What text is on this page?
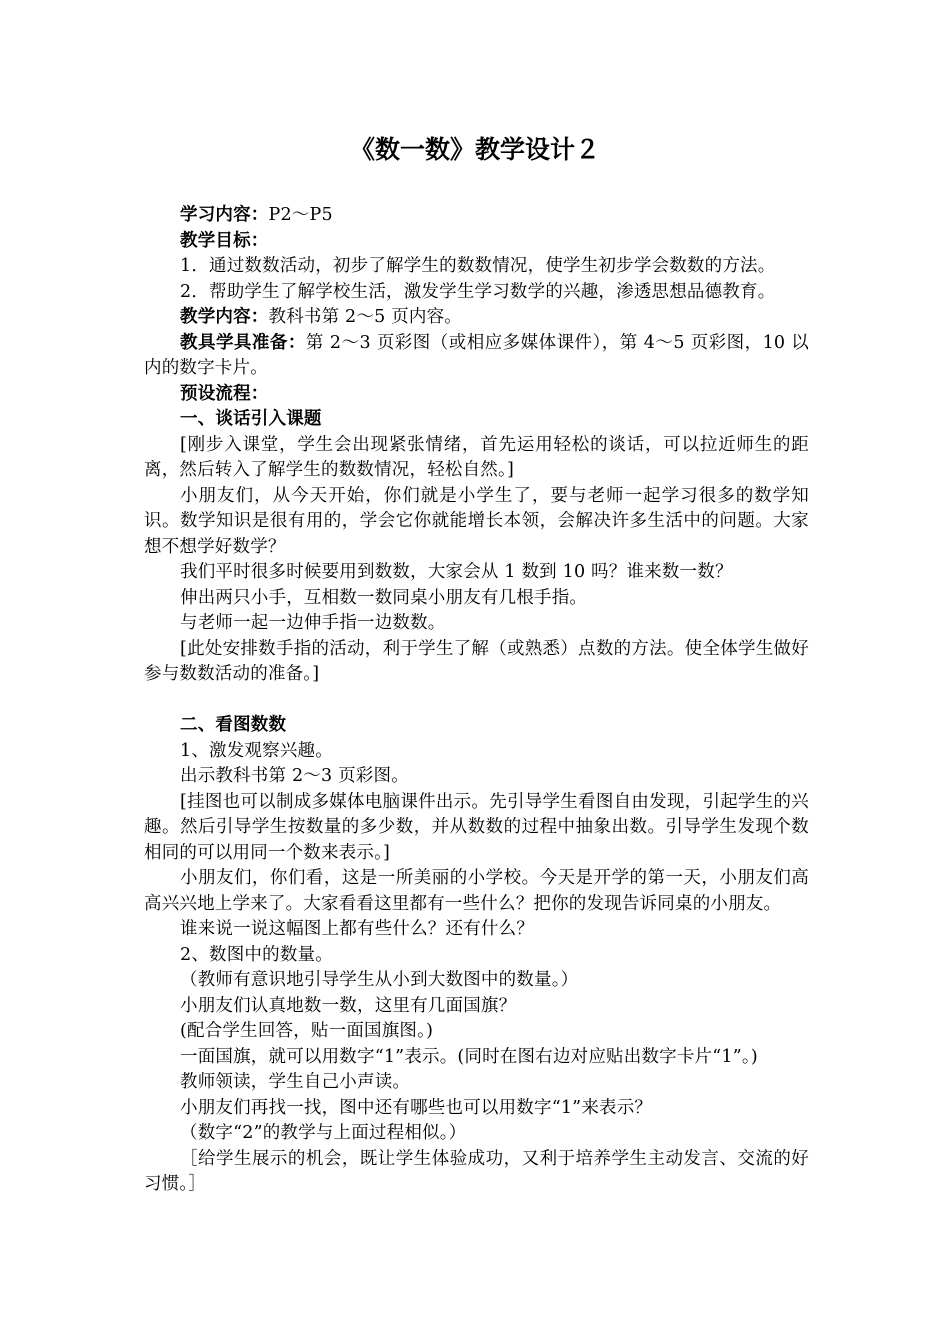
《数一数》教学设计２

学习内容：P2～P5

教学目标：

1．通过数数活动，初步了解学生的数数情况，使学生初步学会数数的方法。

2．帮助学生了解学校生活，激发学生学习数学的兴趣，渗透思想品德教育。

教学内容：教科书第 2～5 页内容。

教具学具准备：第 2～3 页彩图（或相应多媒体课件），第 4～5 页彩图，10 以内的数字卡片。

预设流程：

一、谈话引入课题

[刚步入课堂，学生会出现紧张情绪，首先运用轻松的谈话，可以拉近师生的距离，然后转入了解学生的数数情况，轻松自然。]

小朋友们，从今天开始，你们就是小学生了，要与老师一起学习很多的数学知识。数学知识是很有用的，学会它你就能增长本领，会解决许多生活中的问题。大家想不想学好数学？

我们平时很多时候要用到数数，大家会从 1 数到 10 吗？谁来数一数？

伸出两只小手，互相数一数同桌小朋友有几根手指。

与老师一起一边伸手指一边数数。

[此处安排数手指的活动，利于学生了解（或熟悉）点数的方法。使全体学生做好参与数数活动的准备。]

二、看图数数

1、激发观察兴趣。

出示教科书第 2～3 页彩图。

[挂图也可以制成多媒体电脑课件出示。先引导学生看图自由发现，引起学生的兴趣。然后引导学生按数量的多少数，并从数数的过程中抽象出数。引导学生发现个数相同的可以用同一个数来表示。]

小朋友们，你们看，这是一所美丽的小学校。今天是开学的第一天，小朋友们高高兴兴地上学来了。大家看看这里都有一些什么？把你的发现告诉同桌的小朋友。

谁来说一说这幅图上都有些什么？还有什么？

2、数图中的数量。

（教师有意识地引导学生从小到大数图中的数量。）

小朋友们认真地数一数，这里有几面国旗？

(配合学生回答，贴一面国旗图。)

一面国旗，就可以用数字“1”表示。(同时在图右边对应贴出数字卡片“1”。)

教师领读，学生自己小声读。

小朋友们再找一找，图中还有哪些也可以用数字“1”来表示？

（数字“2”的教学与上面过程相似。）

［给学生展示的机会，既让学生体验成功，又利于培养学生主动发言、交流的好习惯。］
